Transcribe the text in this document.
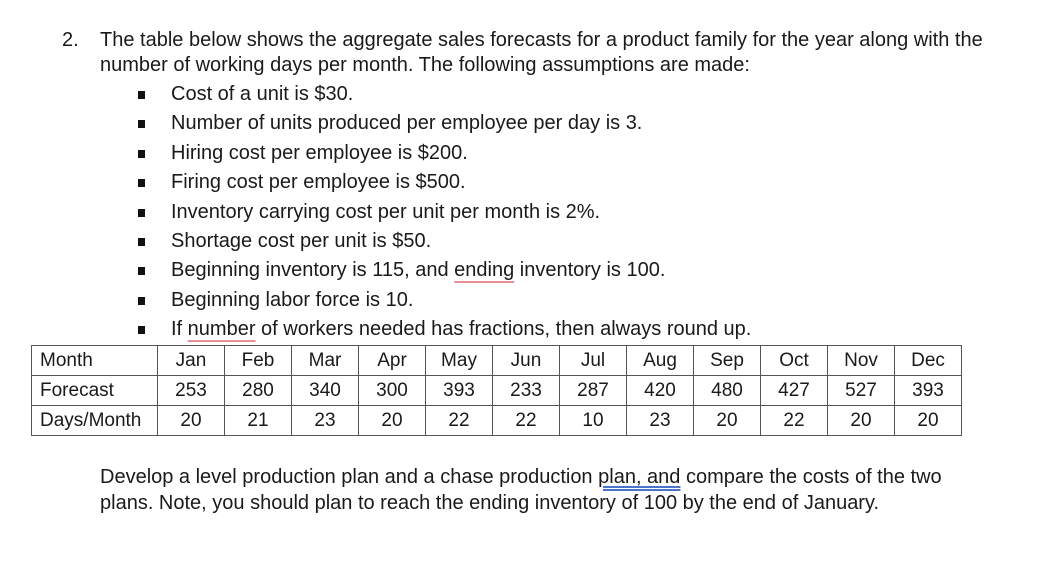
2. The table below shows the aggregate sales forecasts for a product family for the year along with the number of working days per month. The following assumptions are made:
Cost of a unit is $30.
Number of units produced per employee per day is 3.
Hiring cost per employee is $200.
Firing cost per employee is $500.
Inventory carrying cost per unit per month is 2%.
Shortage cost per unit is $50.
Beginning inventory is 115, and ending inventory is 100.
Beginning labor force is 10.
If number of workers needed has fractions, then always round up.
Month	Jan	Feb	Mar	Apr	May	Jun	Jul	Aug	Sep	Oct	Nov	Dec
Forecast	253	280	340	300	393	233	287	420	480	427	527	393
Days/Month	20	21	23	20	22	22	10	23	20	22	20	20
Develop a level production plan and a chase production plan, and compare the costs of the two plans. Note, you should plan to reach the ending inventory of 100 by the end of January.
